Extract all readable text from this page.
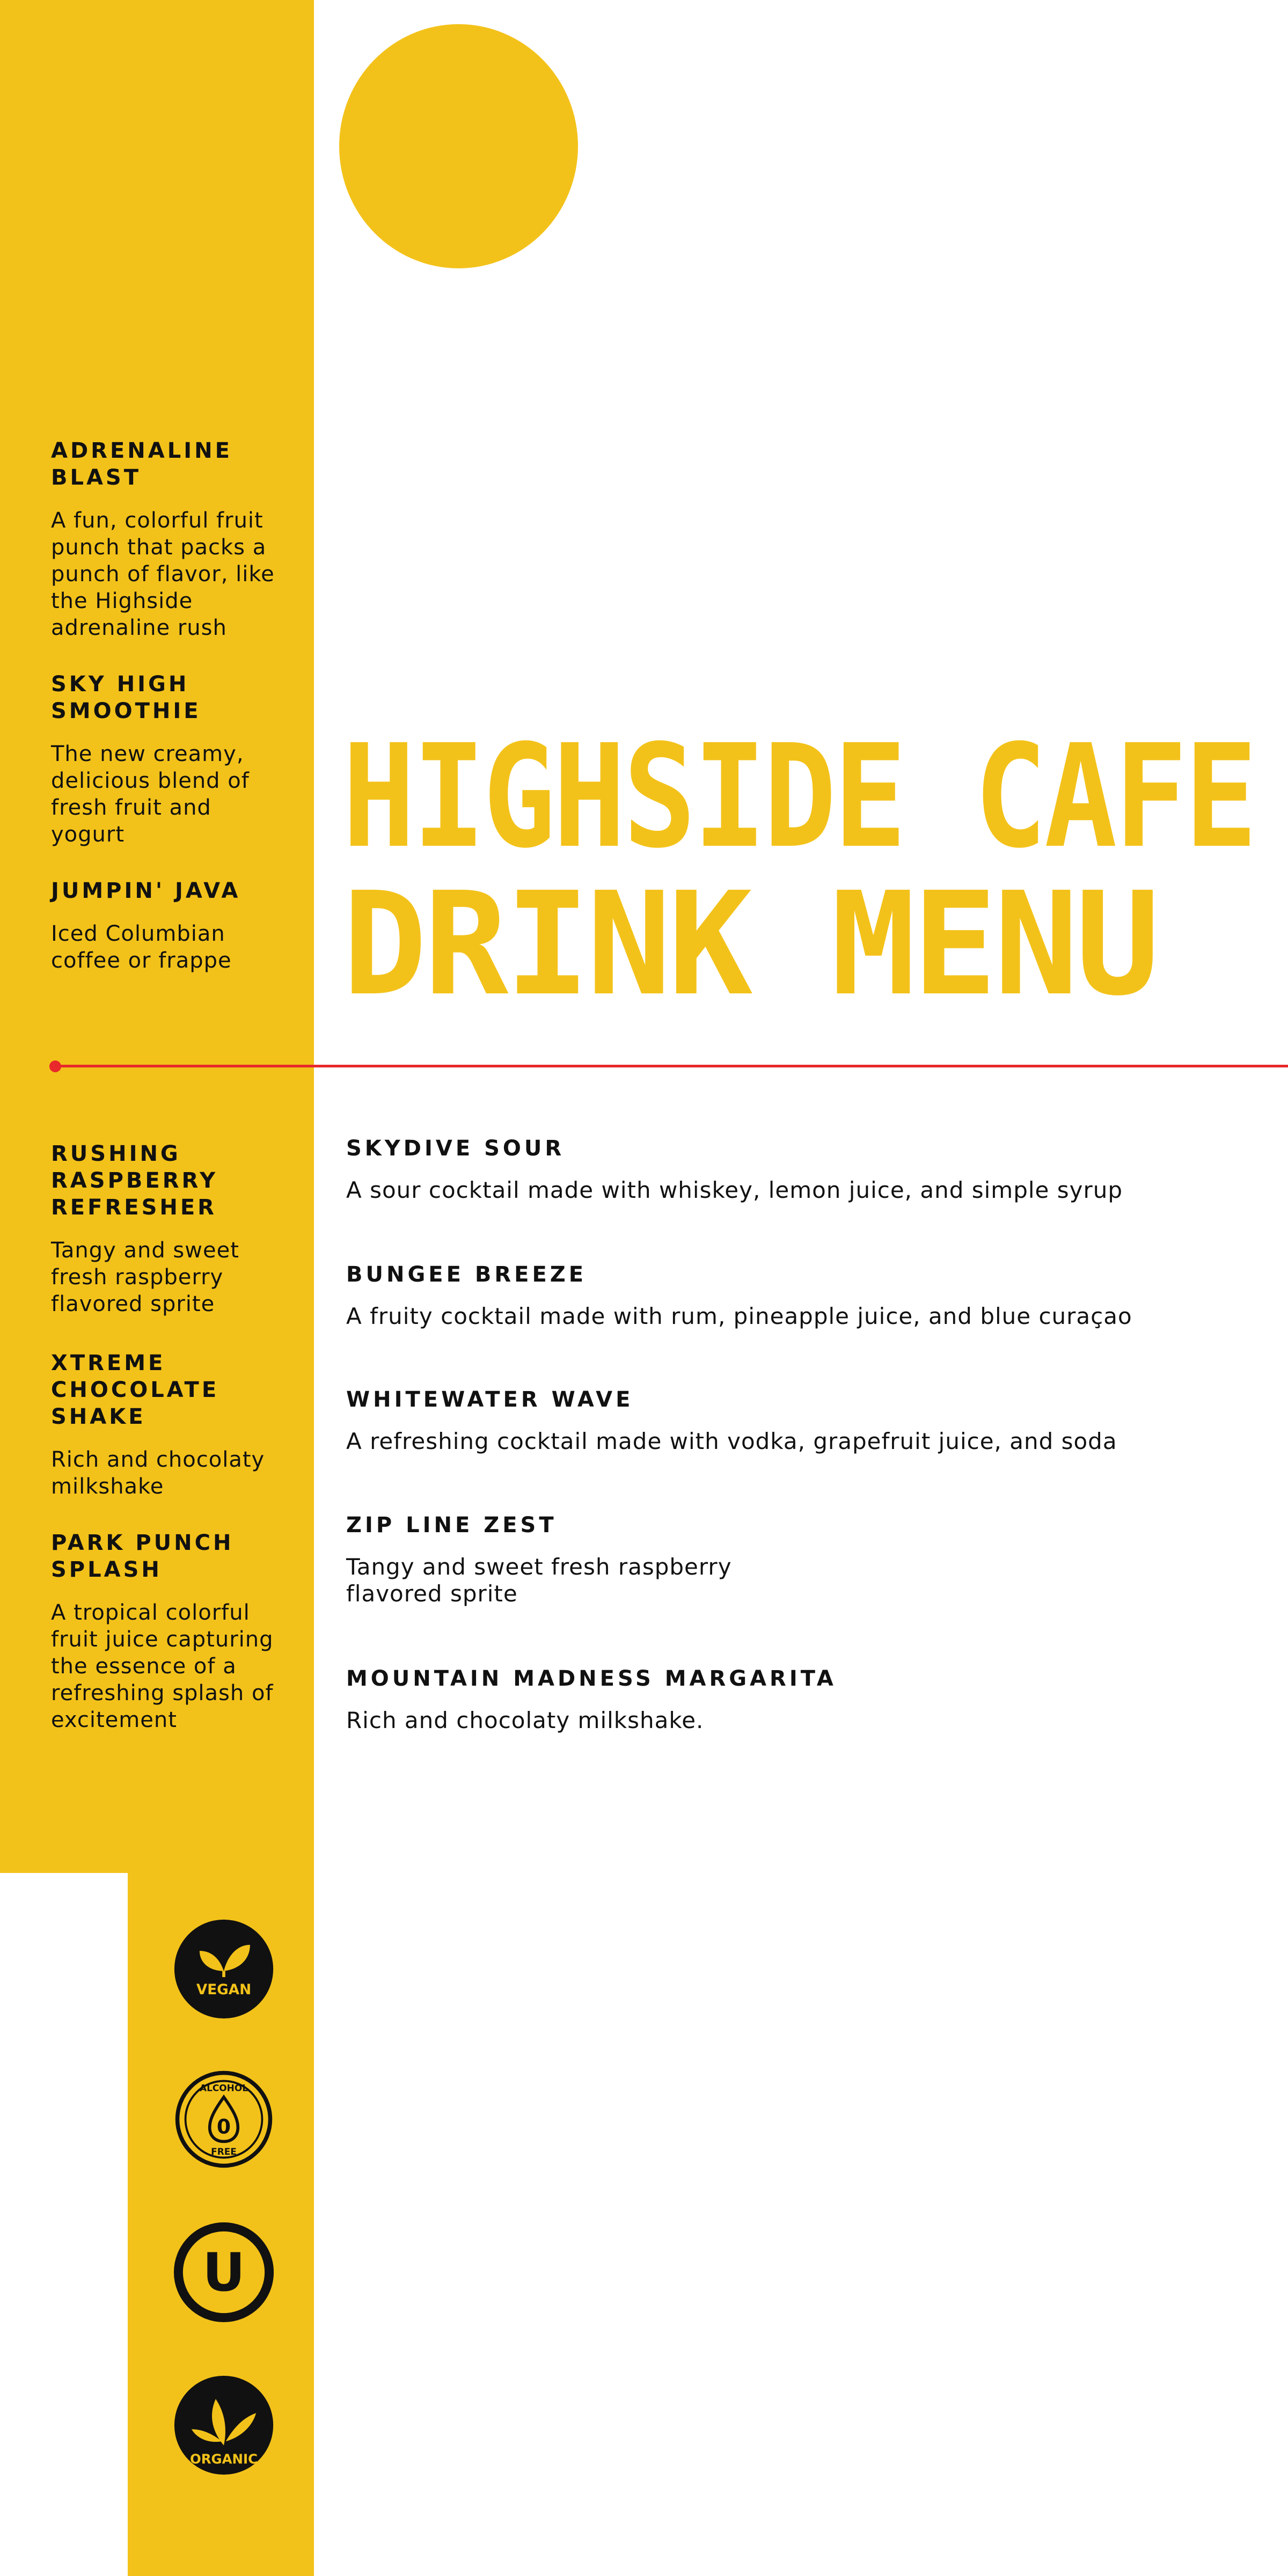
ADRENALINE BLAST
A fun, colorful fruit punch that packs a punch of flavor, like the Highside adrenaline rush
SKY HIGH SMOOTHIE
The new creamy, delicious blend of fresh fruit and yogurt
JUMPIN' JAVA
Iced Columbian coffee or frappe
RUSHING RASPBERRY REFRESHER
Tangy and sweet fresh raspberry flavored sprite
XTREME CHOCOLATE SHAKE
Rich and chocolaty milkshake
PARK PUNCH SPLASH
A tropical colorful fruit juice capturing the essence of a refreshing splash of excitement
HIGHSIDE CAFE
DRINK MENU
SKYDIVE SOUR
A sour cocktail made with whiskey, lemon juice, and simple syrup
BUNGEE BREEZE
A fruity cocktail made with rum, pineapple juice, and blue curaçao
WHITEWATER WAVE
A refreshing cocktail made with vodka, grapefruit juice, and soda
ZIP LINE ZEST
Tangy and sweet fresh raspberry
flavored sprite
MOUNTAIN MADNESS MARGARITA
Rich and chocolaty milkshake.
VEGAN
ALCOHOL
0
FREE
U
ORGANIC
